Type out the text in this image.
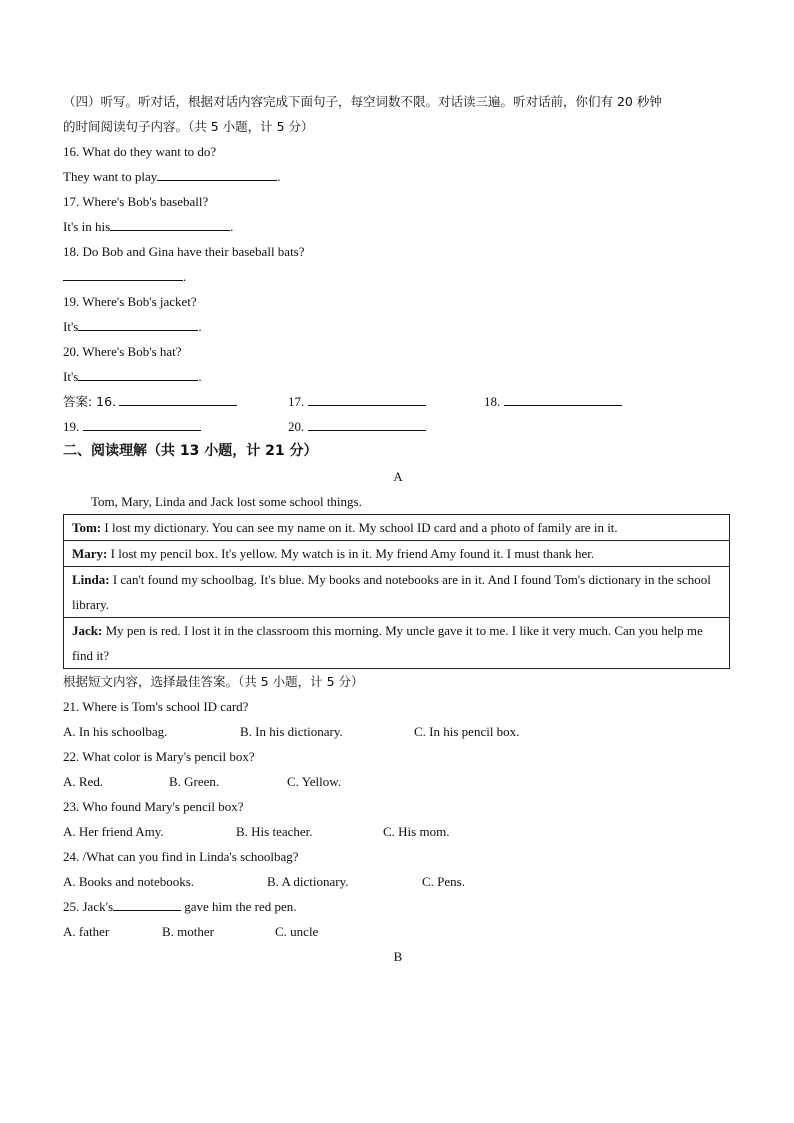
（四）听写。听对话，根据对话内容完成下面句子，每空词数不限。对话读三遍。听对话前，你们有 20 秒钟
的时间阅读句子内容。（共 5 小题，计 5 分）
16. What do they want to do?
They want to play	.
17. Where's Bob's baseball?
It's in his	.
18. Do Bob and Gina have their baseball bats?
.
19. Where's Bob's jacket?
It's	.
20. Where's Bob's hat?
It's	.
答案: 16.	17.	18.
19.	20.
二、阅读理解（共 13 小题，计 21 分）
A
Tom, Mary, Linda and Jack lost some school things.
Tom: I lost my dictionary. You can see my name on it. My school ID card and a photo of family are in it.
Mary: I lost my pencil box. It's yellow. My watch is in it. My friend Amy found it. I must thank her.
Linda: I can't found my schoolbag. It's blue. My books and notebooks are in it. And I found Tom's dictionary in the school library.
Jack: My pen is red. I lost it in the classroom this morning. My uncle gave it to me. I like it very much. Can you help me find it?
根据短文内容，选择最佳答案。（共 5 小题，计 5 分）
21. Where is Tom's school ID card?
A. In his schoolbag.	B. In his dictionary.	C. In his pencil box.
22. What color is Mary's pencil box?
A. Red.	B. Green.	C. Yellow.
23. Who found Mary's pencil box?
A. Her friend Amy.	B. His teacher.	C. His mom.
24. /What can you find in Linda's schoolbag?
A. Books and notebooks.	B. A dictionary.	C. Pens.
25. Jack's	gave him the red pen.
A. father	B. mother	C. uncle
B
